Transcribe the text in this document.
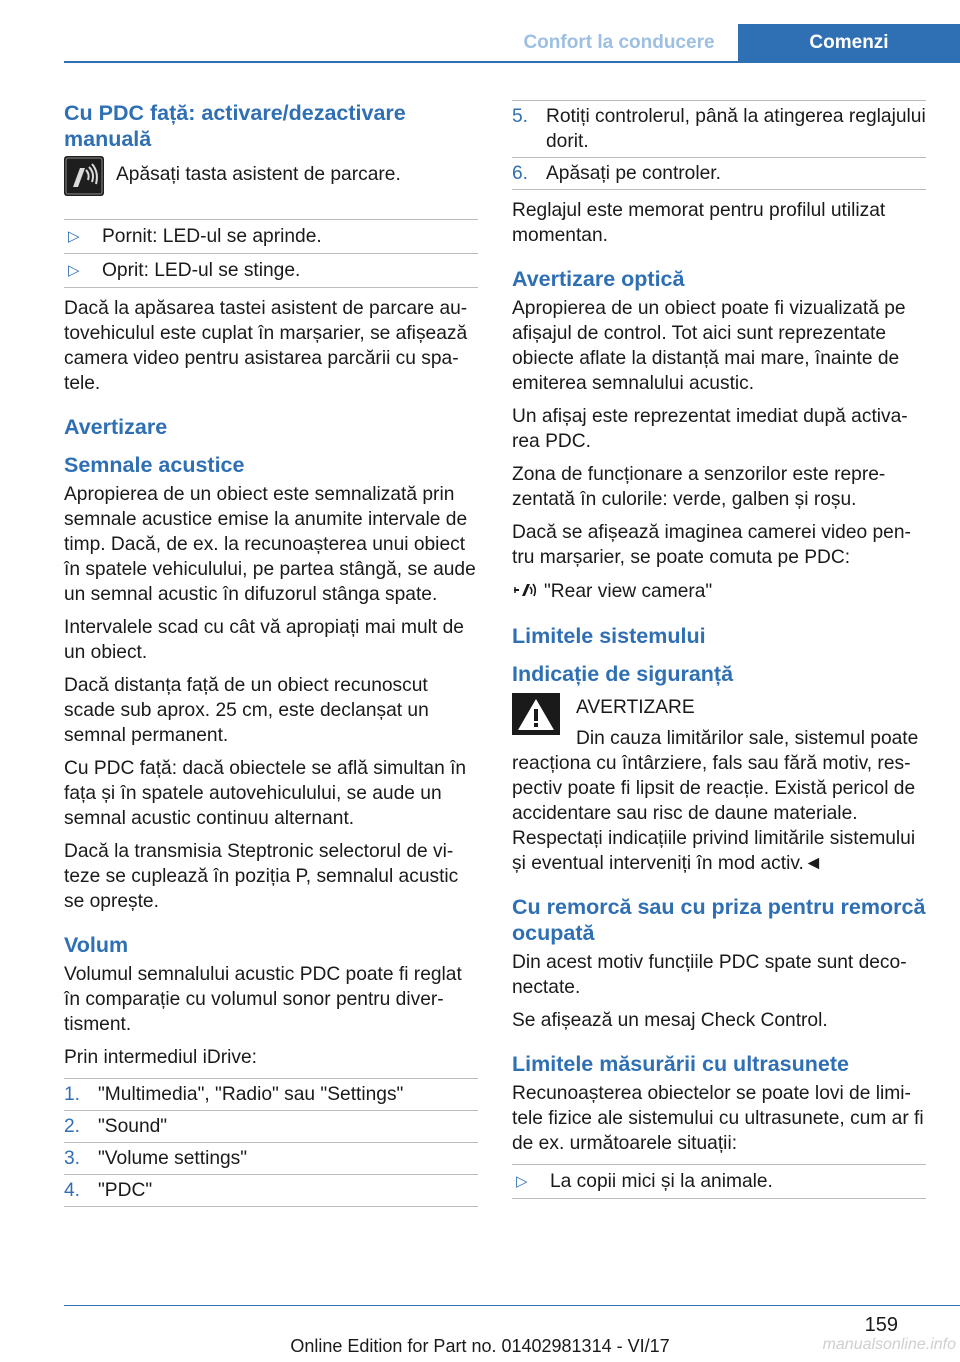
Confort la conducere	Comenzi
Cu PDC față: activare/dezactivare manuală
Apăsați tasta asistent de parcare.
▷	Pornit: LED-ul se aprinde.
▷	Oprit: LED-ul se stinge.

Dacă la apăsarea tastei asistent de parcare autovehiculul este cuplat în marșarier, se afișează camera video pentru asistarea parcării cu spatele.

Avertizare
Semnale acustice

Apropierea de un obiect este semnalizată prin semnale acustice emise la anumite intervale de timp. Dacă, de ex. la recunoașterea unui obiect în spatele vehiculului, pe partea stângă, se aude un semnal acustic în difuzorul stânga spate.

Intervalele scad cu cât vă apropiați mai mult de un obiect.

Dacă distanța față de un obiect recunoscut scade sub aprox. 25 cm, este declanșat un semnal permanent.

Cu PDC față: dacă obiectele se află simultan în fața și în spatele autovehiculului, se aude un semnal acustic continuu alternant.

Dacă la transmisia Steptronic selectorul de viteze se cuplează în poziția P, semnalul acustic se oprește.

Volum

Volumul semnalului acustic PDC poate fi reglat în comparație cu volumul sonor pentru divertisment.

Prin intermediul iDrive:

1. "Multimedia", "Radio" sau "Settings"
2. "Sound"
3. "Volume settings"
4. "PDC"
5. Rotiți controlerul, până la atingerea reglajului dorit.
6. Apăsați pe controler.

Reglajul este memorat pentru profilul utilizat momentan.

Avertizare optică

Apropierea de un obiect poate fi vizualizată pe afișajul de control. Tot aici sunt reprezentate obiecte aflate la distanță mai mare, înainte de emiterea semnalului acustic.

Un afișaj este reprezentat imediat după activarea PDC.

Zona de funcționare a senzorilor este reprezentată în culorile: verde, galben și roșu.

Dacă se afișează imaginea camerei video pentru marșarier, se poate comuta pe PDC:

"Rear view camera"
Limitele sistemului
Indicație de siguranță
AVERTIZARE
Din cauza limitărilor sale, sistemul poate

reacționa cu întârziere, fals sau fără motiv, respectiv poate fi lipsit de reacție. Există pericol de accidentare sau risc de daune materiale. Respectați indicațiile privind limitările sistemului și eventual interveniți în mod activ.◄

Cu remorcă sau cu priza pentru remorcă ocupată

Din acest motiv funcțiile PDC spate sunt deconectate.

Se afișează un mesaj Check Control.

Limitele măsurării cu ultrasunete

Recunoașterea obiectelor se poate lovi de limitele fizice ale sistemului cu ultrasunete, cum ar fi de ex. următoarele situații:

▷	La copii mici și la animale.
159
Online Edition for Part no. 01402981314 - VI/17	manualsonline.info
